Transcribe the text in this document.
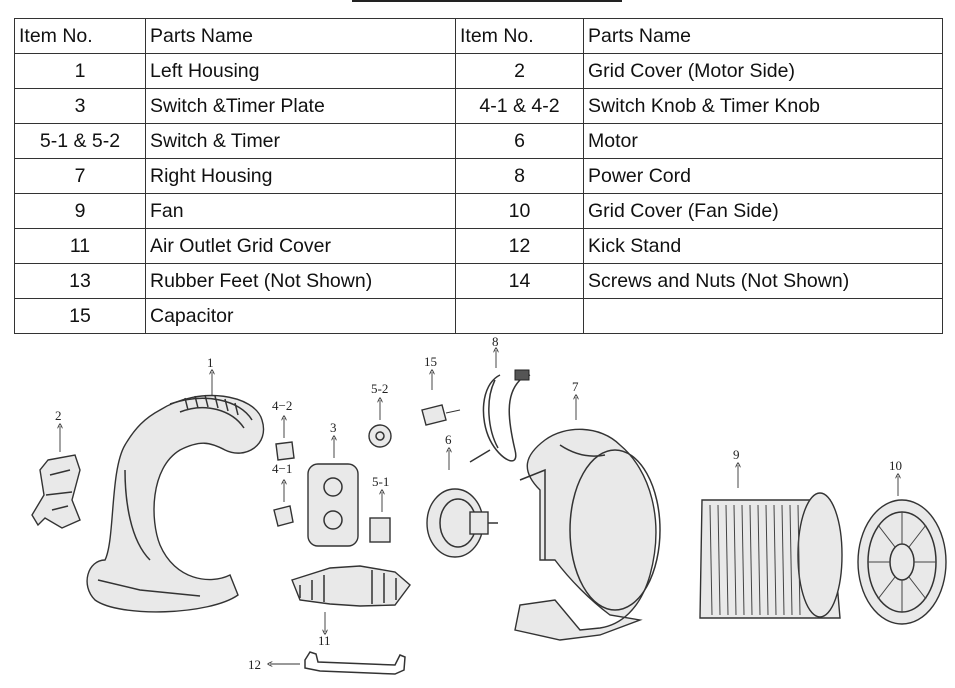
Item No.	Parts Name	Item No.	Parts Name
1	Left Housing	2	Grid Cover (Motor Side)
3	Switch &Timer Plate	4-1 & 4-2	Switch Knob & Timer Knob
5-1 & 5-2	Switch & Timer	6	Motor
7	Right Housing	8	Power Cord
9	Fan	10	Grid Cover (Fan Side)
11	Air Outlet Grid Cover	12	Kick Stand
13	Rubber Feet (Not Shown)	14	Screws and Nuts (Not Shown)
15	Capacitor		
2
1
4−2
4−1
3
5-2
5-1
15
8
6
7
9
10
11
12
